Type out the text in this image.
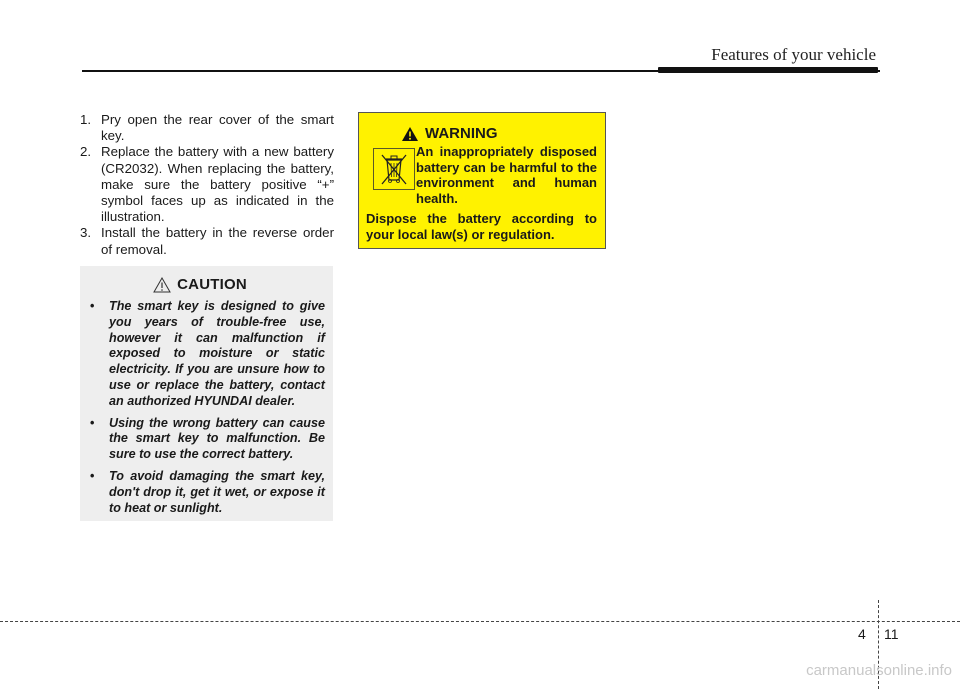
Features of your vehicle
1. Pry open the rear cover of the smart key.
2. Replace the battery with a new battery (CR2032). When replacing the battery, make sure the battery positive “+” symbol faces up as indicated in the illustration.
3. Install the battery in the reverse order of removal.
CAUTION
• The smart key is designed to give you years of trouble-free use, however it can malfunction if exposed to moisture or static electricity. If you are unsure how to use or replace the battery, contact an authorized HYUNDAI dealer.
• Using the wrong battery can cause the smart key to malfunction. Be sure to use the correct battery.
• To avoid damaging the smart key, don't drop it, get it wet, or expose it to heat or sunlight.
WARNING

An inappropriately disposed battery can be harmful to the environment and human health.

Dispose the battery according to your local law(s) or regulation.

4 11
carmanualsonline.info
